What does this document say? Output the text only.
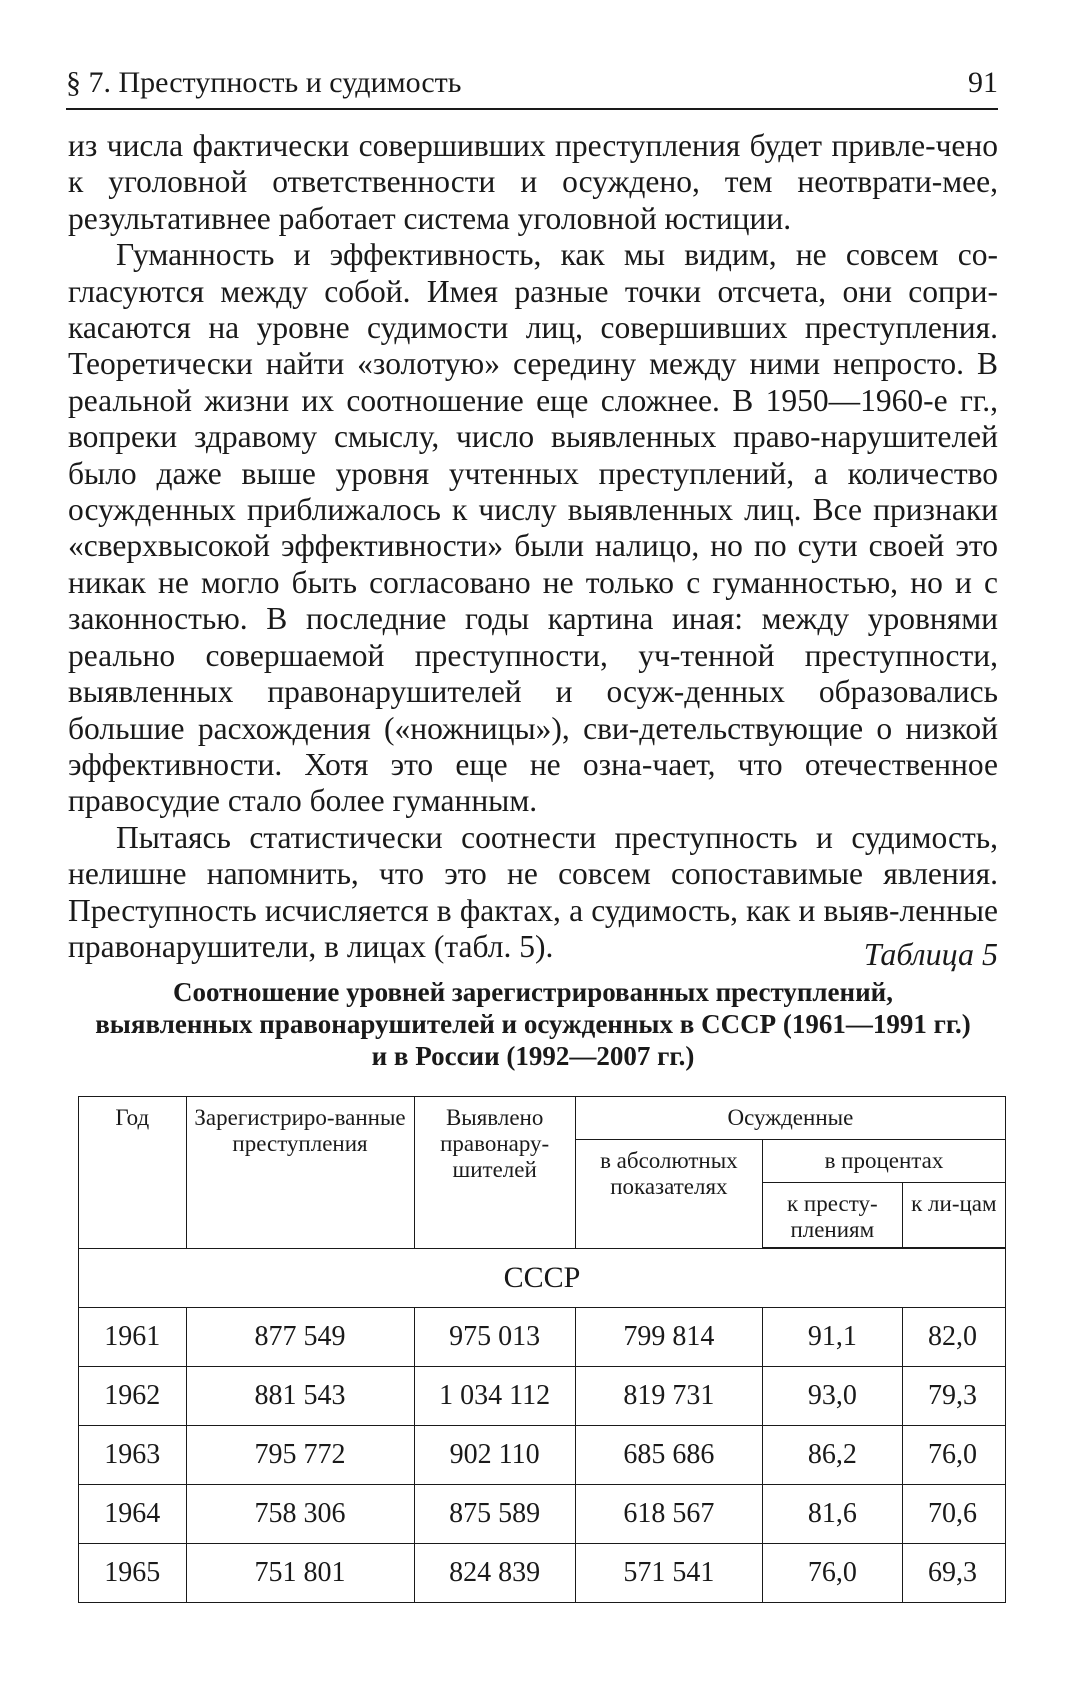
§ 7. Преступность и судимость	91

из числа фактически совершивших преступления будет привле-чено к уголовной ответственности и осуждено, тем неотврати-мее, результативнее работает система уголовной юстиции.

Гуманность и эффективность, как мы видим, не совсем со-гласуются между собой. Имея разные точки отсчета, они сопри-касаются на уровне судимости лиц, совершивших преступления. Теоретически найти «золотую» середину между ними непросто. В реальной жизни их соотношение еще сложнее. В 1950—1960-е гг., вопреки здравому смыслу, число выявленных право-нарушителей было даже выше уровня учтенных преступлений, а количество осужденных приближалось к числу выявленных лиц. Все признаки «сверхвысокой эффективности» были налицо, но по сути своей это никак не могло быть согласовано не только с гуманностью, но и с законностью. В последние годы картина иная: между уровнями реально совершаемой преступности, уч-тенной преступности, выявленных правонарушителей и осуж-денных образовались большие расхождения («ножницы»), сви-детельствующие о низкой эффективности. Хотя это еще не озна-чает, что отечественное правосудие стало более гуманным.

Пытаясь статистически соотнести преступность и судимость, нелишне напомнить, что это не совсем сопоставимые явления. Преступность исчисляется в фактах, а судимость, как и выяв-ленные правонарушители, в лицах (табл. 5).	Таблица 5
Соотношение уровней зарегистрированных преступлений,
выявленных правонарушителей и осужденных в СССР (1961—1991 гг.)
и в России (1992—2007 гг.)
Год	Зарегистриро-ванные преступления	Выявлено правонару-шителей	Осужденные		
			в абсолютных показателях	в процентах	
				к престу-плениям	к ли-цам
СССР					
1961	877 549	975 013	799 814	91,1	82,0
1962	881 543	1 034 112	819 731	93,0	79,3
1963	795 772	902 110	685 686	86,2	76,0
1964	758 306	875 589	618 567	81,6	70,6
1965	751 801	824 839	571 541	76,0	69,3
